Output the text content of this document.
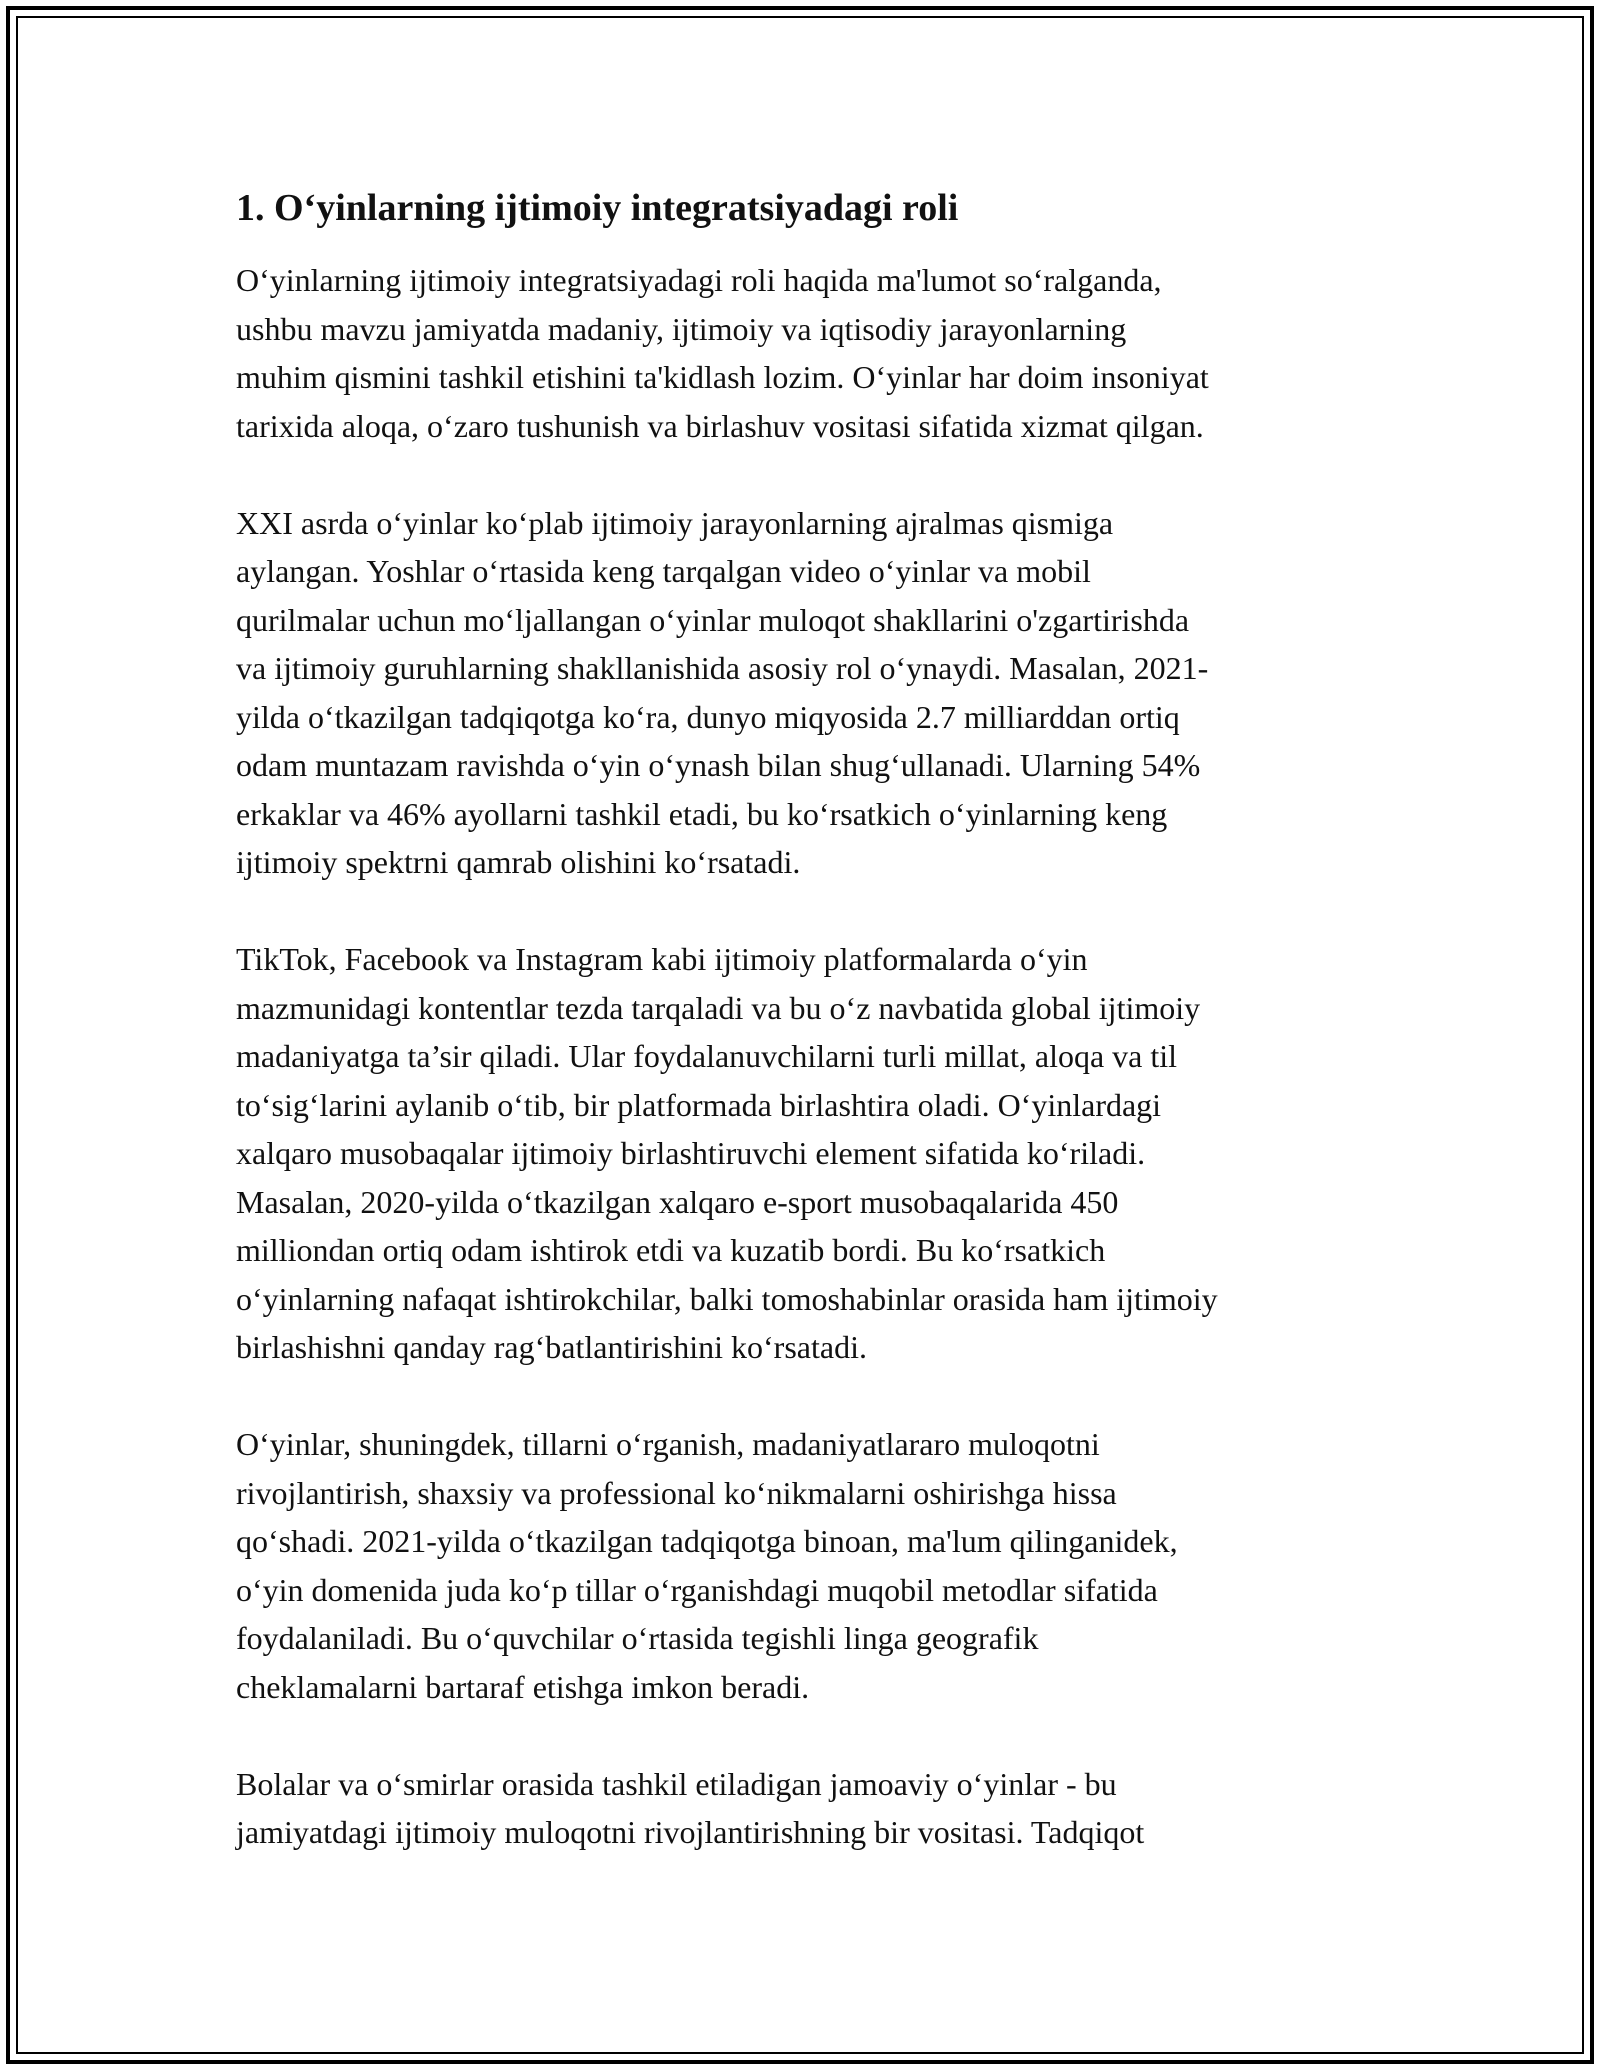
1. O‘yinlarning ijtimoiy integratsiyadagi roli

O‘yinlarning ijtimoiy integratsiyadagi roli haqida ma'lumot so‘ralganda,
ushbu mavzu jamiyatda madaniy, ijtimoiy va iqtisodiy jarayonlarning
muhim qismini tashkil etishini ta'kidlash lozim. O‘yinlar har doim insoniyat
tarixida aloqa, o‘zaro tushunish va birlashuv vositasi sifatida xizmat qilgan.

XXI asrda o‘yinlar ko‘plab ijtimoiy jarayonlarning ajralmas qismiga
aylangan. Yoshlar o‘rtasida keng tarqalgan video o‘yinlar va mobil
qurilmalar uchun mo‘ljallangan o‘yinlar muloqot shakllarini o'zgartirishda
va ijtimoiy guruhlarning shakllanishida asosiy rol o‘ynaydi. Masalan, 2021-
yilda o‘tkazilgan tadqiqotga ko‘ra, dunyo miqyosida 2.7 milliarddan ortiq
odam muntazam ravishda o‘yin o‘ynash bilan shug‘ullanadi. Ularning 54%
erkaklar va 46% ayollarni tashkil etadi, bu ko‘rsatkich o‘yinlarning keng
ijtimoiy spektrni qamrab olishini ko‘rsatadi.

TikTok, Facebook va Instagram kabi ijtimoiy platformalarda o‘yin
mazmunidagi kontentlar tezda tarqaladi va bu o‘z navbatida global ijtimoiy
madaniyatga ta’sir qiladi. Ular foydalanuvchilarni turli millat, aloqa va til
to‘sig‘larini aylanib o‘tib, bir platformada birlashtira oladi. O‘yinlardagi
xalqaro musobaqalar ijtimoiy birlashtiruvchi element sifatida ko‘riladi.
Masalan, 2020-yilda o‘tkazilgan xalqaro e-sport musobaqalarida 450
milliondan ortiq odam ishtirok etdi va kuzatib bordi. Bu ko‘rsatkich
o‘yinlarning nafaqat ishtirokchilar, balki tomoshabinlar orasida ham ijtimoiy
birlashishni qanday rag‘batlantirishini ko‘rsatadi.

O‘yinlar, shuningdek, tillarni o‘rganish, madaniyatlararo muloqotni
rivojlantirish, shaxsiy va professional ko‘nikmalarni oshirishga hissa
qo‘shadi. 2021-yilda o‘tkazilgan tadqiqotga binoan, ma'lum qilinganidek,
o‘yin domenida juda ko‘p tillar o‘rganishdagi muqobil metodlar sifatida
foydalaniladi. Bu o‘quvchilar o‘rtasida tegishli linga geografik
cheklamalarni bartaraf etishga imkon beradi.

Bolalar va o‘smirlar orasida tashkil etiladigan jamoaviy o‘yinlar - bu
jamiyatdagi ijtimoiy muloqotni rivojlantirishning bir vositasi. Tadqiqot
